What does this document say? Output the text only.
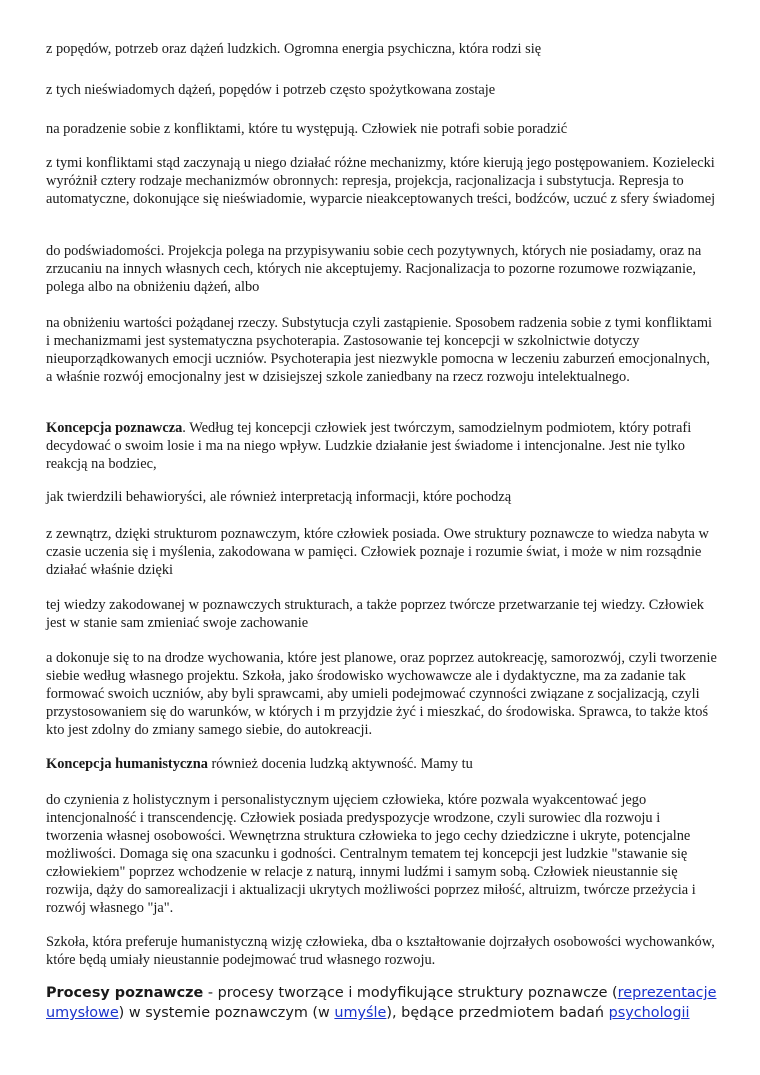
z popędów, potrzeb oraz dążeń ludzkich. Ogromna energia psychiczna, która rodzi się

z tych nieświadomych dążeń, popędów i potrzeb często spożytkowana zostaje

na poradzenie sobie z konfliktami, które tu występują. Człowiek nie potrafi sobie poradzić

z tymi konfliktami stąd zaczynają u niego działać różne mechanizmy, które kierują jego postępowaniem. Kozielecki wyróżnił cztery rodzaje mechanizmów obronnych: represja, projekcja, racjonalizacja i substytucja. Represja to automatyczne, dokonujące się nieświadomie, wyparcie nieakceptowanych treści, bodźców, uczuć z sfery świadomej

do podświadomości. Projekcja polega na przypisywaniu sobie cech pozytywnych, których nie posiadamy, oraz na zrzucaniu na innych własnych cech, których nie akceptujemy. Racjonalizacja to pozorne rozumowe rozwiązanie, polega albo na obniżeniu dążeń, albo

na obniżeniu wartości pożądanej rzeczy. Substytucja czyli zastąpienie. Sposobem radzenia sobie z tymi konfliktami i mechanizmami jest systematyczna psychoterapia. Zastosowanie tej koncepcji w szkolnictwie dotyczy nieuporządkowanych emocji uczniów. Psychoterapia jest niezwykle pomocna w leczeniu zaburzeń emocjonalnych, a właśnie rozwój emocjonalny jest w dzisiejszej szkole zaniedbany na rzecz rozwoju intelektualnego.

Koncepcja poznawcza. Według tej koncepcji człowiek jest twórczym, samodzielnym podmiotem, który potrafi decydować o swoim losie i ma na niego wpływ. Ludzkie działanie jest świadome i intencjonalne. Jest nie tylko reakcją na bodziec,

jak twierdzili behawioryści, ale również interpretacją informacji, które pochodzą

z zewnątrz, dzięki strukturom poznawczym, które człowiek posiada. Owe struktury poznawcze to wiedza nabyta w czasie uczenia się i myślenia, zakodowana w pamięci. Człowiek poznaje i rozumie świat, i może w nim rozsądnie działać właśnie dzięki

tej wiedzy zakodowanej w poznawczych strukturach, a także poprzez twórcze przetwarzanie tej wiedzy. Człowiek jest w stanie sam zmieniać swoje zachowanie

a dokonuje się to na drodze wychowania, które jest planowe, oraz poprzez autokreację, samorozwój, czyli tworzenie siebie według własnego projektu. Szkoła, jako środowisko wychowawcze ale i dydaktyczne, ma za zadanie tak formować swoich uczniów, aby byli sprawcami, aby umieli podejmować czynności związane z socjalizacją, czyli przystosowaniem się do warunków, w których i m przyjdzie żyć i mieszkać, do środowiska. Sprawca, to także ktoś kto jest zdolny do zmiany samego siebie, do autokreacji.

Koncepcja humanistyczna również docenia ludzką aktywność. Mamy tu

do czynienia z holistycznym i personalistycznym ujęciem człowieka, które pozwala wyakcentować jego intencjonalność i transcendencję. Człowiek posiada predyspozycje wrodzone, czyli surowiec dla rozwoju i tworzenia własnej osobowości. Wewnętrzna struktura człowieka to jego cechy dziedziczne i ukryte, potencjalne możliwości. Domaga się ona szacunku i godności. Centralnym tematem tej koncepcji jest ludzkie "stawanie się człowiekiem" poprzez wchodzenie w relacje z naturą, innymi ludźmi i samym sobą. Człowiek nieustannie się rozwija, dąży do samorealizacji i aktualizacji ukrytych możliwości poprzez miłość, altruizm, twórcze przeżycia i rozwój własnego "ja".

Szkoła, która preferuje humanistyczną wizję człowieka, dba o kształtowanie dojrzałych osobowości wychowanków, które będą umiały nieustannie podejmować trud własnego rozwoju.

Procesy poznawcze - procesy tworzące i modyfikujące struktury poznawcze (reprezentacje
umysłowe) w systemie poznawczym (w umyśle), będące przedmiotem badań psychologii
